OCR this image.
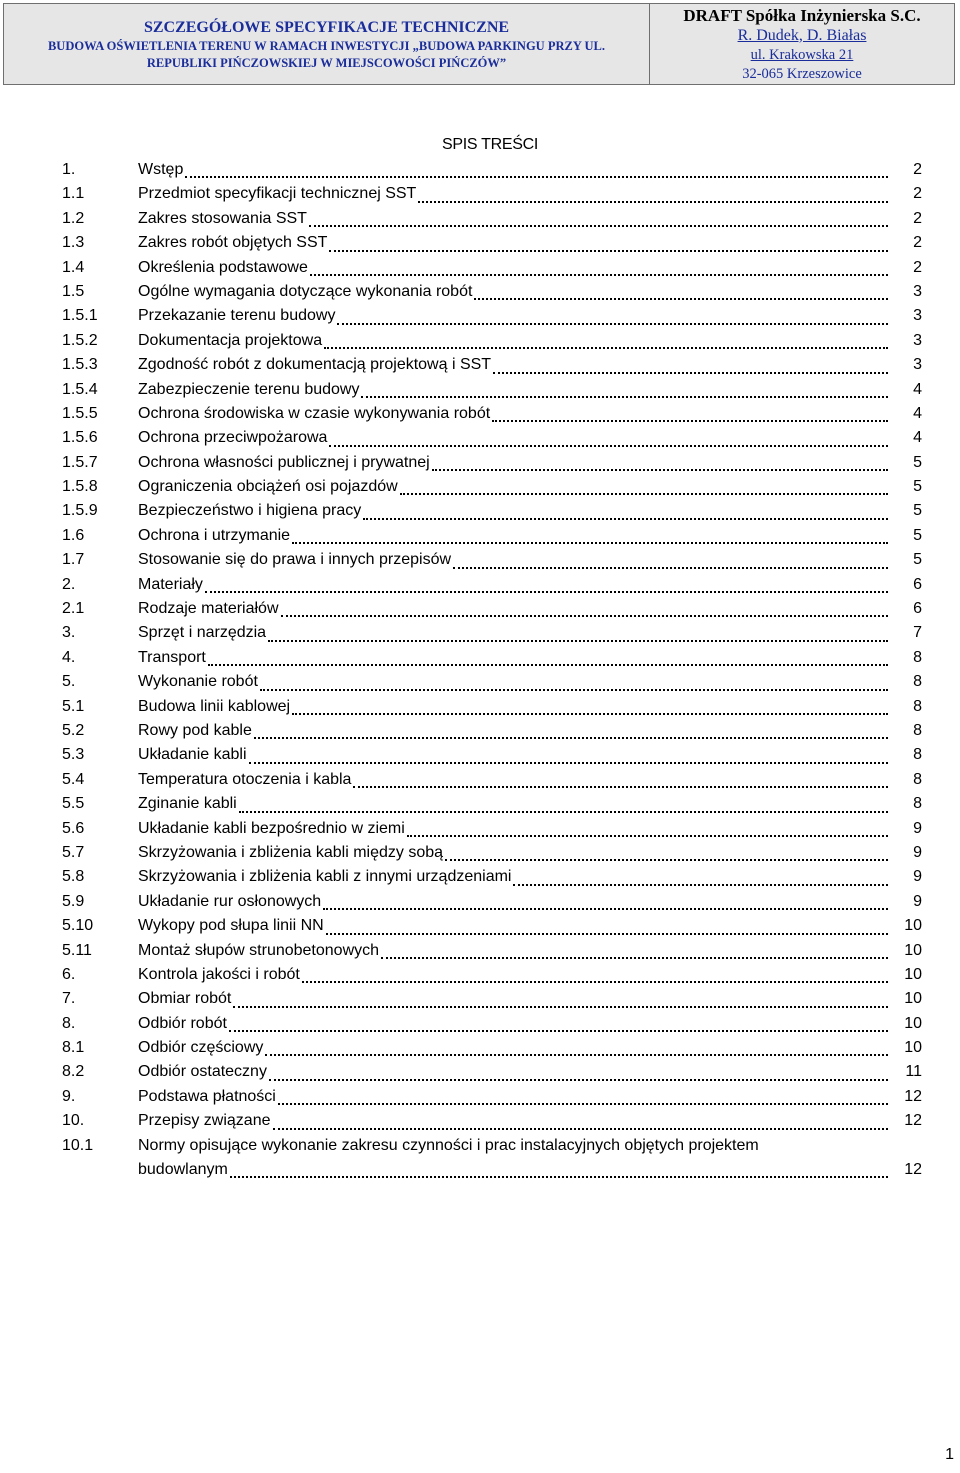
SZCZEGÓŁOWE SPECYFIKACJE TECHNICZNE
BUDOWA OŚWIETLENIA TERENU W RAMACH INWESTYCJI „BUDOWA PARKINGU PRZY UL.
REPUBLIKI PIŃCZOWSKIEJ W MIEJSCOWOŚCI PIŃCZÓW”
DRAFT Spółka Inżynierska S.C.
R. Dudek, D. Białas
ul. Krakowska 21
32-065 Krzeszowice
SPIS TREŚCI
1.	Wstęp	2
1.1	Przedmiot specyfikacji technicznej SST	2
1.2	Zakres stosowania SST	2
1.3	Zakres robót objętych SST	2
1.4	Określenia podstawowe	2
1.5	Ogólne wymagania dotyczące wykonania robót	3
1.5.1	Przekazanie terenu budowy	3
1.5.2	Dokumentacja projektowa	3
1.5.3	Zgodność robót z dokumentacją projektową i SST	3
1.5.4	Zabezpieczenie terenu budowy	4
1.5.5	Ochrona środowiska w czasie wykonywania robót	4
1.5.6	Ochrona przeciwpożarowa	4
1.5.7	Ochrona własności publicznej i prywatnej	5
1.5.8	Ograniczenia obciążeń osi pojazdów	5
1.5.9	Bezpieczeństwo i higiena pracy	5
1.6	Ochrona i utrzymanie	5
1.7	Stosowanie się do prawa i innych przepisów	5
2.	Materiały	6
2.1	Rodzaje materiałów	6
3.	Sprzęt i narzędzia	7
4.	Transport	8
5.	Wykonanie robót	8
5.1	Budowa linii kablowej	8
5.2	Rowy pod kable	8
5.3	Układanie kabli	8
5.4	Temperatura otoczenia i kabla	8
5.5	Zginanie kabli	8
5.6	Układanie kabli bezpośrednio w ziemi	9
5.7	Skrzyżowania i zbliżenia kabli między sobą	9
5.8	Skrzyżowania i zbliżenia kabli z innymi urządzeniami	9
5.9	Układanie rur osłonowych	9
5.10	Wykopy pod słupa linii NN	10
5.11	Montaż słupów strunobetonowych	10
6.	Kontrola jakości i robót	10
7.	Obmiar robót	10
8.	Odbiór robót	10
8.1	Odbiór częściowy	10
8.2	Odbiór ostateczny	11
9.	Podstawa płatności	12
10.	Przepisy związane	12
10.1	Normy opisujące wykonanie zakresu czynności i prac instalacyjnych objętych projektem
budowlanym	12
1
